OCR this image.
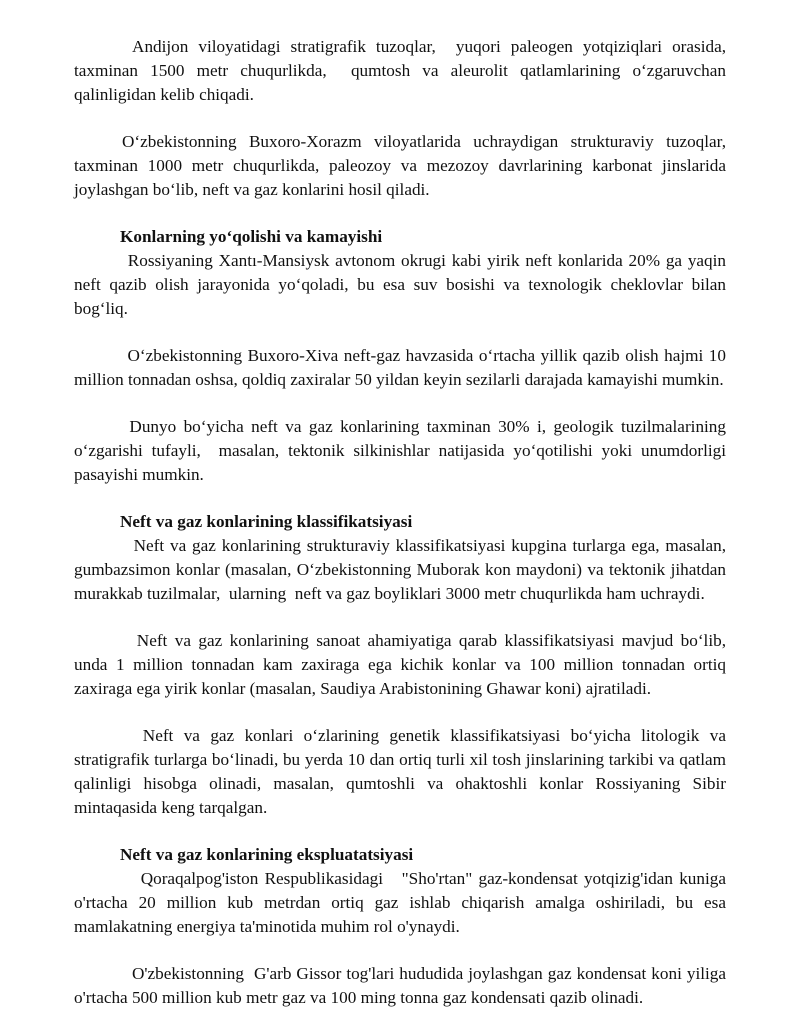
Andijon viloyatidagi stratigrafik tuzoqlar,  yuqori paleogen yotqiziqlari orasida, taxminan 1500 metr chuqurlikda,  qumtosh va aleurolit qatlamlarining o‘zgaruvchan qalinligidan kelib chiqadi.

O‘zbekistonning Buxoro-Xorazm viloyatlarida uchraydigan strukturaviy tuzoqlar, taxminan 1000 metr chuqurlikda, paleozoy va mezozoy davrlarining karbonat jinslarida joylashgan bo‘lib, neft va gaz konlarini hosil qiladi.

Konlarning yo‘qolishi va kamayishi

Rossiyaning Xantı-Mansiysk avtonom okrugi kabi yirik neft konlarida 20% ga yaqin neft qazib olish jarayonida yo‘qoladi, bu esa suv bosishi va texnologik cheklovlar bilan bog‘liq.

O‘zbekistonning Buxoro-Xiva neft-gaz havzasida o‘rtacha yillik qazib olish hajmi 10 million tonnadan oshsa, qoldiq zaxiralar 50 yildan keyin sezilarli darajada kamayishi mumkin.

Dunyo bo‘yicha neft va gaz konlarining taxminan 30% i, geologik tuzilmalarining o‘zgarishi tufayli,  masalan, tektonik silkinishlar natijasida yo‘qotilishi yoki unumdorligi pasayishi mumkin.

Neft va gaz konlarining klassifikatsiyasi

Neft va gaz konlarining strukturaviy klassifikatsiyasi kupgina turlarga ega, masalan, gumbazsimon konlar (masalan, O‘zbekistonning Muborak kon maydoni) va tektonik jihatdan murakkab tuzilmalar,  ularning  neft va gaz boyliklari 3000 metr chuqurlikda ham uchraydi.

Neft va gaz konlarining sanoat ahamiyatiga qarab klassifikatsiyasi mavjud bo‘lib, unda 1 million tonnadan kam zaxiraga ega kichik konlar va 100 million tonnadan ortiq zaxiraga ega yirik konlar (masalan, Saudiya Arabistonining Ghawar koni) ajratiladi.

Neft va gaz konlari o‘zlarining genetik klassifikatsiyasi bo‘yicha litologik va stratigrafik turlarga bo‘linadi, bu yerda 10 dan ortiq turli xil tosh jinslarining tarkibi va qatlam qalinligi hisobga olinadi, masalan, qumtoshli va ohaktoshli konlar Rossiyaning Sibir mintaqasida keng tarqalgan.

Neft va gaz konlarining ekspluatatsiyasi

Qoraqalpog'iston Respublikasidagi   "Sho'rtan" gaz-kondensat yotqizig'idan kuniga o'rtacha 20 million kub metrdan ortiq gaz ishlab chiqarish amalga oshiriladi, bu esa mamlakatning energiya ta'minotida muhim rol o'ynaydi.

O'zbekistonning  G'arb Gissor tog'lari hududida joylashgan gaz kondensat koni yiliga o'rtacha 500 million kub metr gaz va 100 ming tonna gaz kondensati qazib olinadi.
